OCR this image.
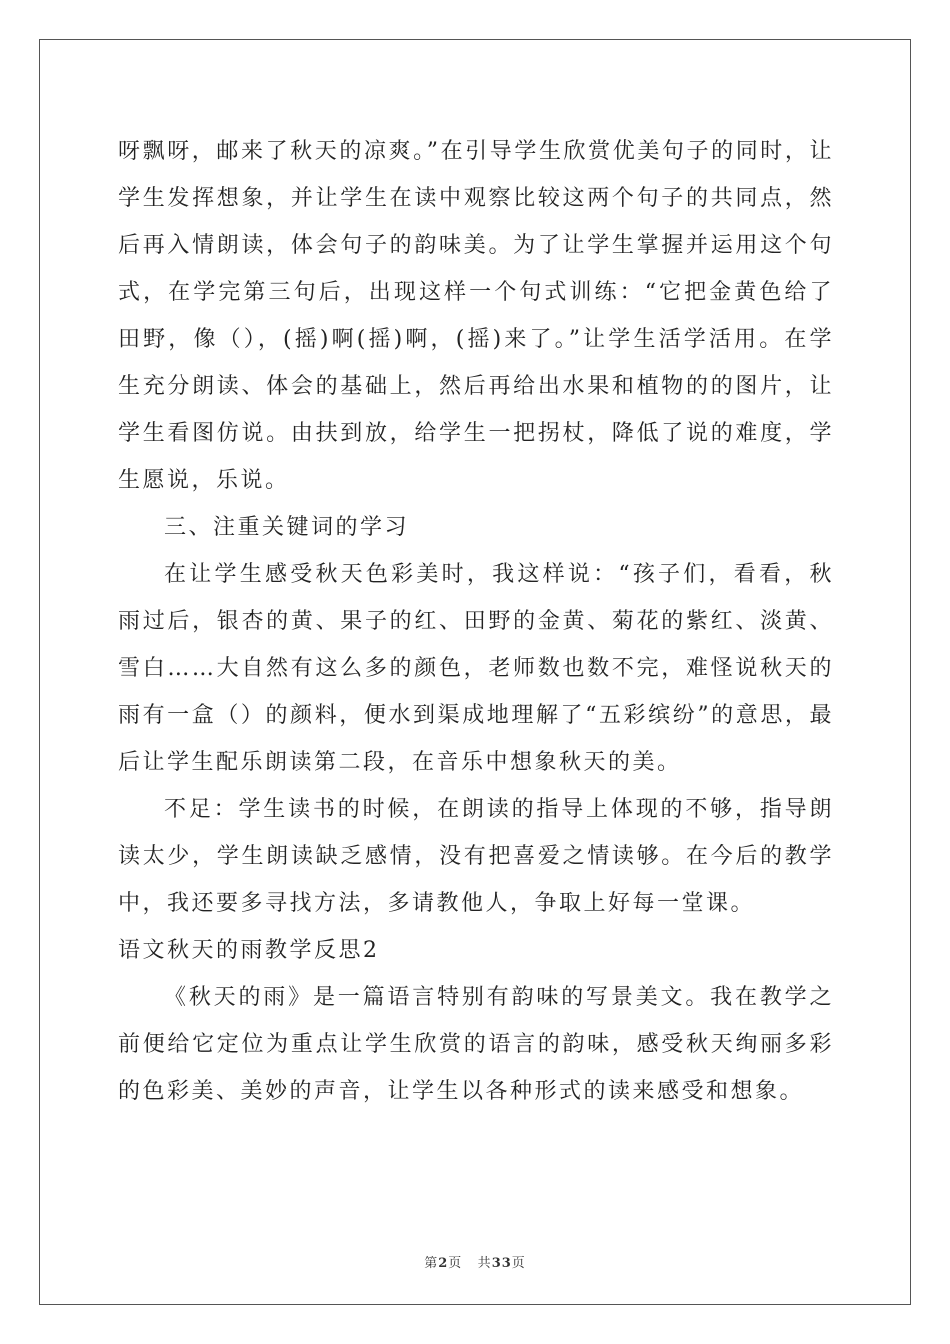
呀飘呀，邮来了秋天的凉爽。”在引导学生欣赏优美句子的同时，让学生发挥想象，并让学生在读中观察比较这两个句子的共同点，然后再入情朗读，体会句子的韵味美。为了让学生掌握并运用这个句式，在学完第三句后，出现这样一个句式训练：“它把金黄色给了田野，像（），(摇)啊(摇)啊，(摇)来了。”让学生活学活用。在学生充分朗读、体会的基础上，然后再给出水果和植物的的图片，让学生看图仿说。由扶到放，给学生一把拐杖，降低了说的难度，学生愿说，乐说。

三、注重关键词的学习

在让学生感受秋天色彩美时，我这样说：“孩子们，看看，秋雨过后，银杏的黄、果子的红、田野的金黄、菊花的紫红、淡黄、雪白……大自然有这么多的颜色，老师数也数不完，难怪说秋天的雨有一盒（）的颜料，便水到渠成地理解了“五彩缤纷”的意思，最后让学生配乐朗读第二段，在音乐中想象秋天的美。

不足：学生读书的时候，在朗读的指导上体现的不够，指导朗读太少，学生朗读缺乏感情，没有把喜爱之情读够。在今后的教学中，我还要多寻找方法，多请教他人，争取上好每一堂课。

语文秋天的雨教学反思2

《秋天的雨》是一篇语言特别有韵味的写景美文。我在教学之前便给它定位为重点让学生欣赏的语言的韵味，感受秋天绚丽多彩的色彩美、美妙的声音，让学生以各种形式的读来感受和想象。

第2页 共33页
